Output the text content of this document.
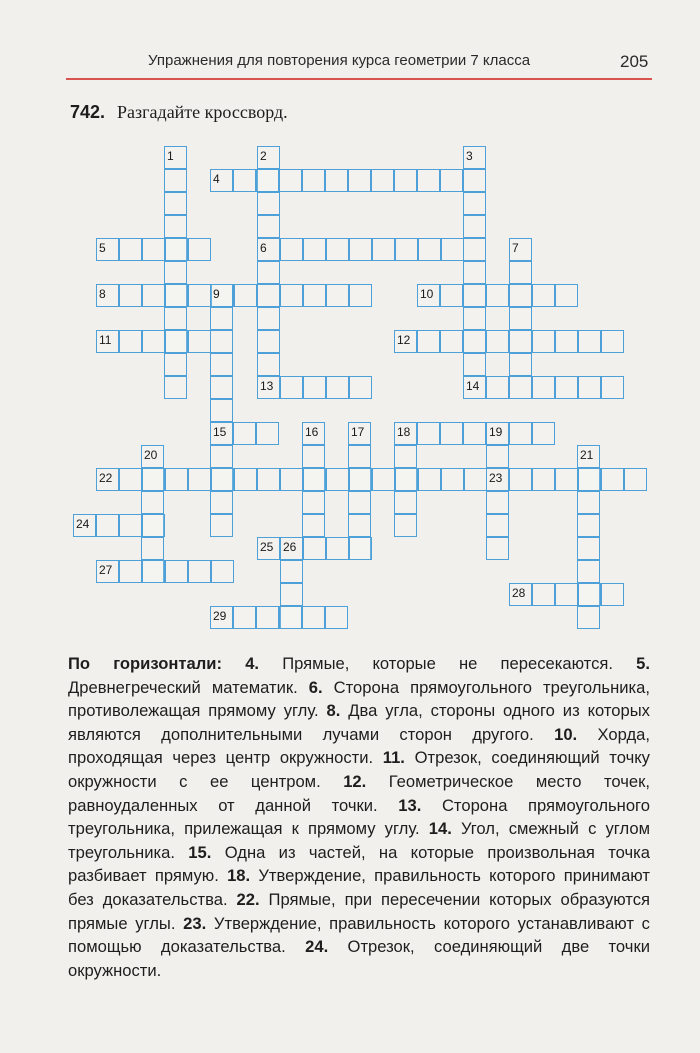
Упражнения для повторения курса геометрии 7 класса	205
742. Разгадайте кроссворд.
1	2	3
4
5	6	7
8	9	10
11	12
13	14
15	16	17	18	19
20	21
22	23
24
25 26
27
28
29
По горизонтали: 4. Прямые, которые не пересекаются. 5. Древнегреческий математик. 6. Сторона прямоугольного треугольника, противолежащая прямому углу. 8. Два угла, стороны одного из которых являются дополнительными лучами сторон другого. 10. Хорда, проходящая через центр окружности. 11. Отрезок, соединяющий точку окружности с ее центром. 12. Геометрическое место точек, равноудаленных от данной точки. 13. Сторона прямоугольного треугольника, прилежащая к прямому углу. 14. Угол, смежный с углом треугольника. 15. Одна из частей, на которые произвольная точка разбивает прямую. 18. Утверждение, правильность которого принимают без доказательства. 22. Прямые, при пересечении которых образуются прямые углы. 23. Утверждение, правильность которого устанавливают с помощью доказательства. 24. Отрезок, соединяющий две точки окружности.
